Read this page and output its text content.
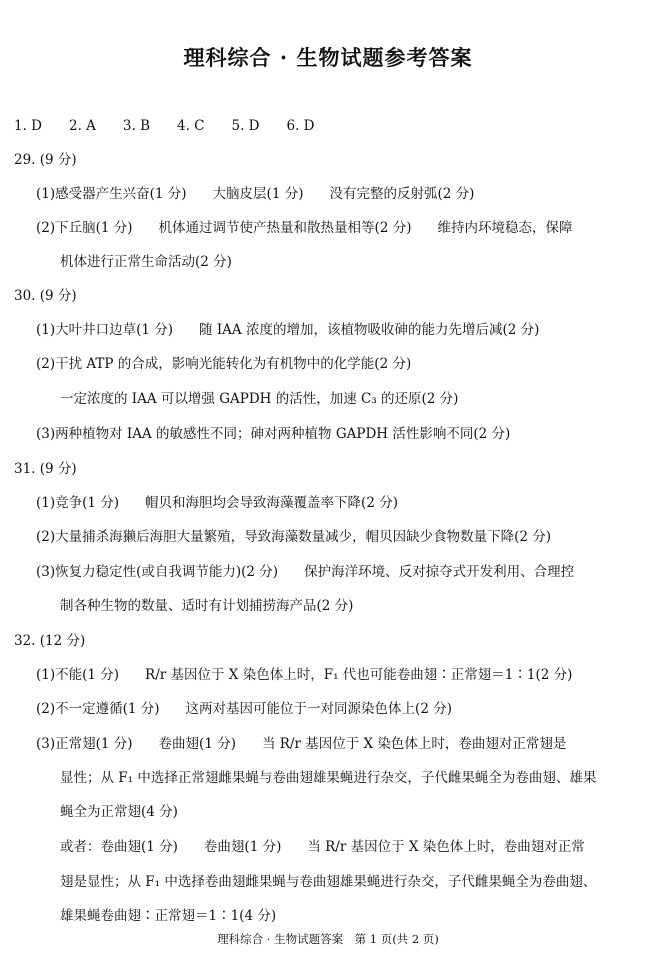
理科综合 · 生物试题参考答案
1. D　　2. A　　3. B　　4. C　　5. D　　6. D
29. (9 分)
(1)感受器产生兴奋(1 分) 大脑皮层(1 分) 没有完整的反射弧(2 分)
(2)下丘脑(1 分) 机体通过调节使产热量和散热量相等(2 分) 维持内环境稳态，保障
机体进行正常生命活动(2 分)
30. (9 分)
(1)大叶井口边草(1 分) 随 IAA 浓度的增加，该植物吸收砷的能力先增后减(2 分)
(2)干扰 ATP 的合成，影响光能转化为有机物中的化学能(2 分)
一定浓度的 IAA 可以增强 GAPDH 的活性，加速 C₃ 的还原(2 分)
(3)两种植物对 IAA 的敏感性不同；砷对两种植物 GAPDH 活性影响不同(2 分)
31. (9 分)
(1)竞争(1 分) 帽贝和海胆均会导致海藻覆盖率下降(2 分)
(2)大量捕杀海獭后海胆大量繁殖，导致海藻数量减少，帽贝因缺少食物数量下降(2 分)
(3)恢复力稳定性(或自我调节能力)(2 分) 保护海洋环境、反对掠夺式开发利用、合理控
制各种生物的数量、适时有计划捕捞海产品(2 分)
32. (12 分)
(1)不能(1 分) R/r 基因位于 X 染色体上时，F₁ 代也可能卷曲翅∶正常翅＝1∶1(2 分)
(2)不一定遵循(1 分) 这两对基因可能位于一对同源染色体上(2 分)
(3)正常翅(1 分) 卷曲翅(1 分) 当 R/r 基因位于 X 染色体上时，卷曲翅对正常翅是
显性；从 F₁ 中选择正常翅雌果蝇与卷曲翅雄果蝇进行杂交，子代雌果蝇全为卷曲翅、雄果
蝇全为正常翅(4 分)
或者：卷曲翅(1 分) 卷曲翅(1 分) 当 R/r 基因位于 X 染色体上时，卷曲翅对正常
翅是显性；从 F₁ 中选择卷曲翅雌果蝇与卷曲翅雄果蝇进行杂交，子代雌果蝇全为卷曲翅、
雄果蝇卷曲翅∶正常翅＝1∶1(4 分)
理科综合 · 生物试题答案　第 1 页(共 2 页)
